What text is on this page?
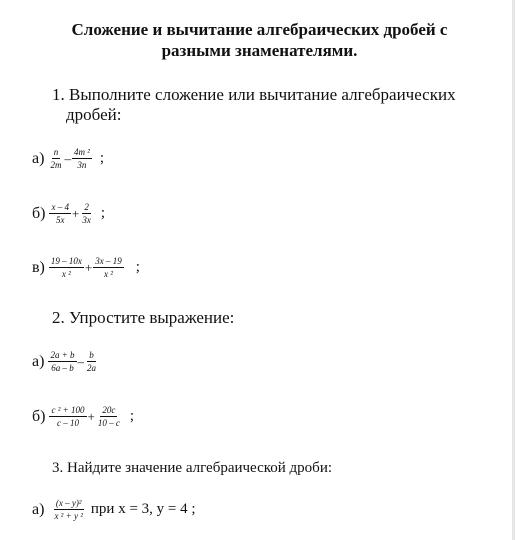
Сложение и вычитание алгебраических дробей с
разными знаменателями.
1. Выполните сложение или вычитание алгебраических
дробей:
$а) \frac{n}{2m} - \frac{\text{4m ²}}{3n}$ ;
$б) \frac{x - 4}{5x} + \frac{2}{3x}$ ;
$в) \frac{19 - 10x}{\text{x ²}} + \frac{3x - 19}{\text{x ²}}$ ;
2. Упростите выражение:
$а) \frac{2a + b}{6a - b} - \frac{b}{2a}$
$б) \frac{\text{c ² + 100}}{c - 10} + \frac{20c}{10 - c}$ ;
3. Найдите значение алгебраической дроби:
$а) \frac{\text{(x – y)²}}{\text{x ² + y ²}}$ при x = 3, y = 4 ;
